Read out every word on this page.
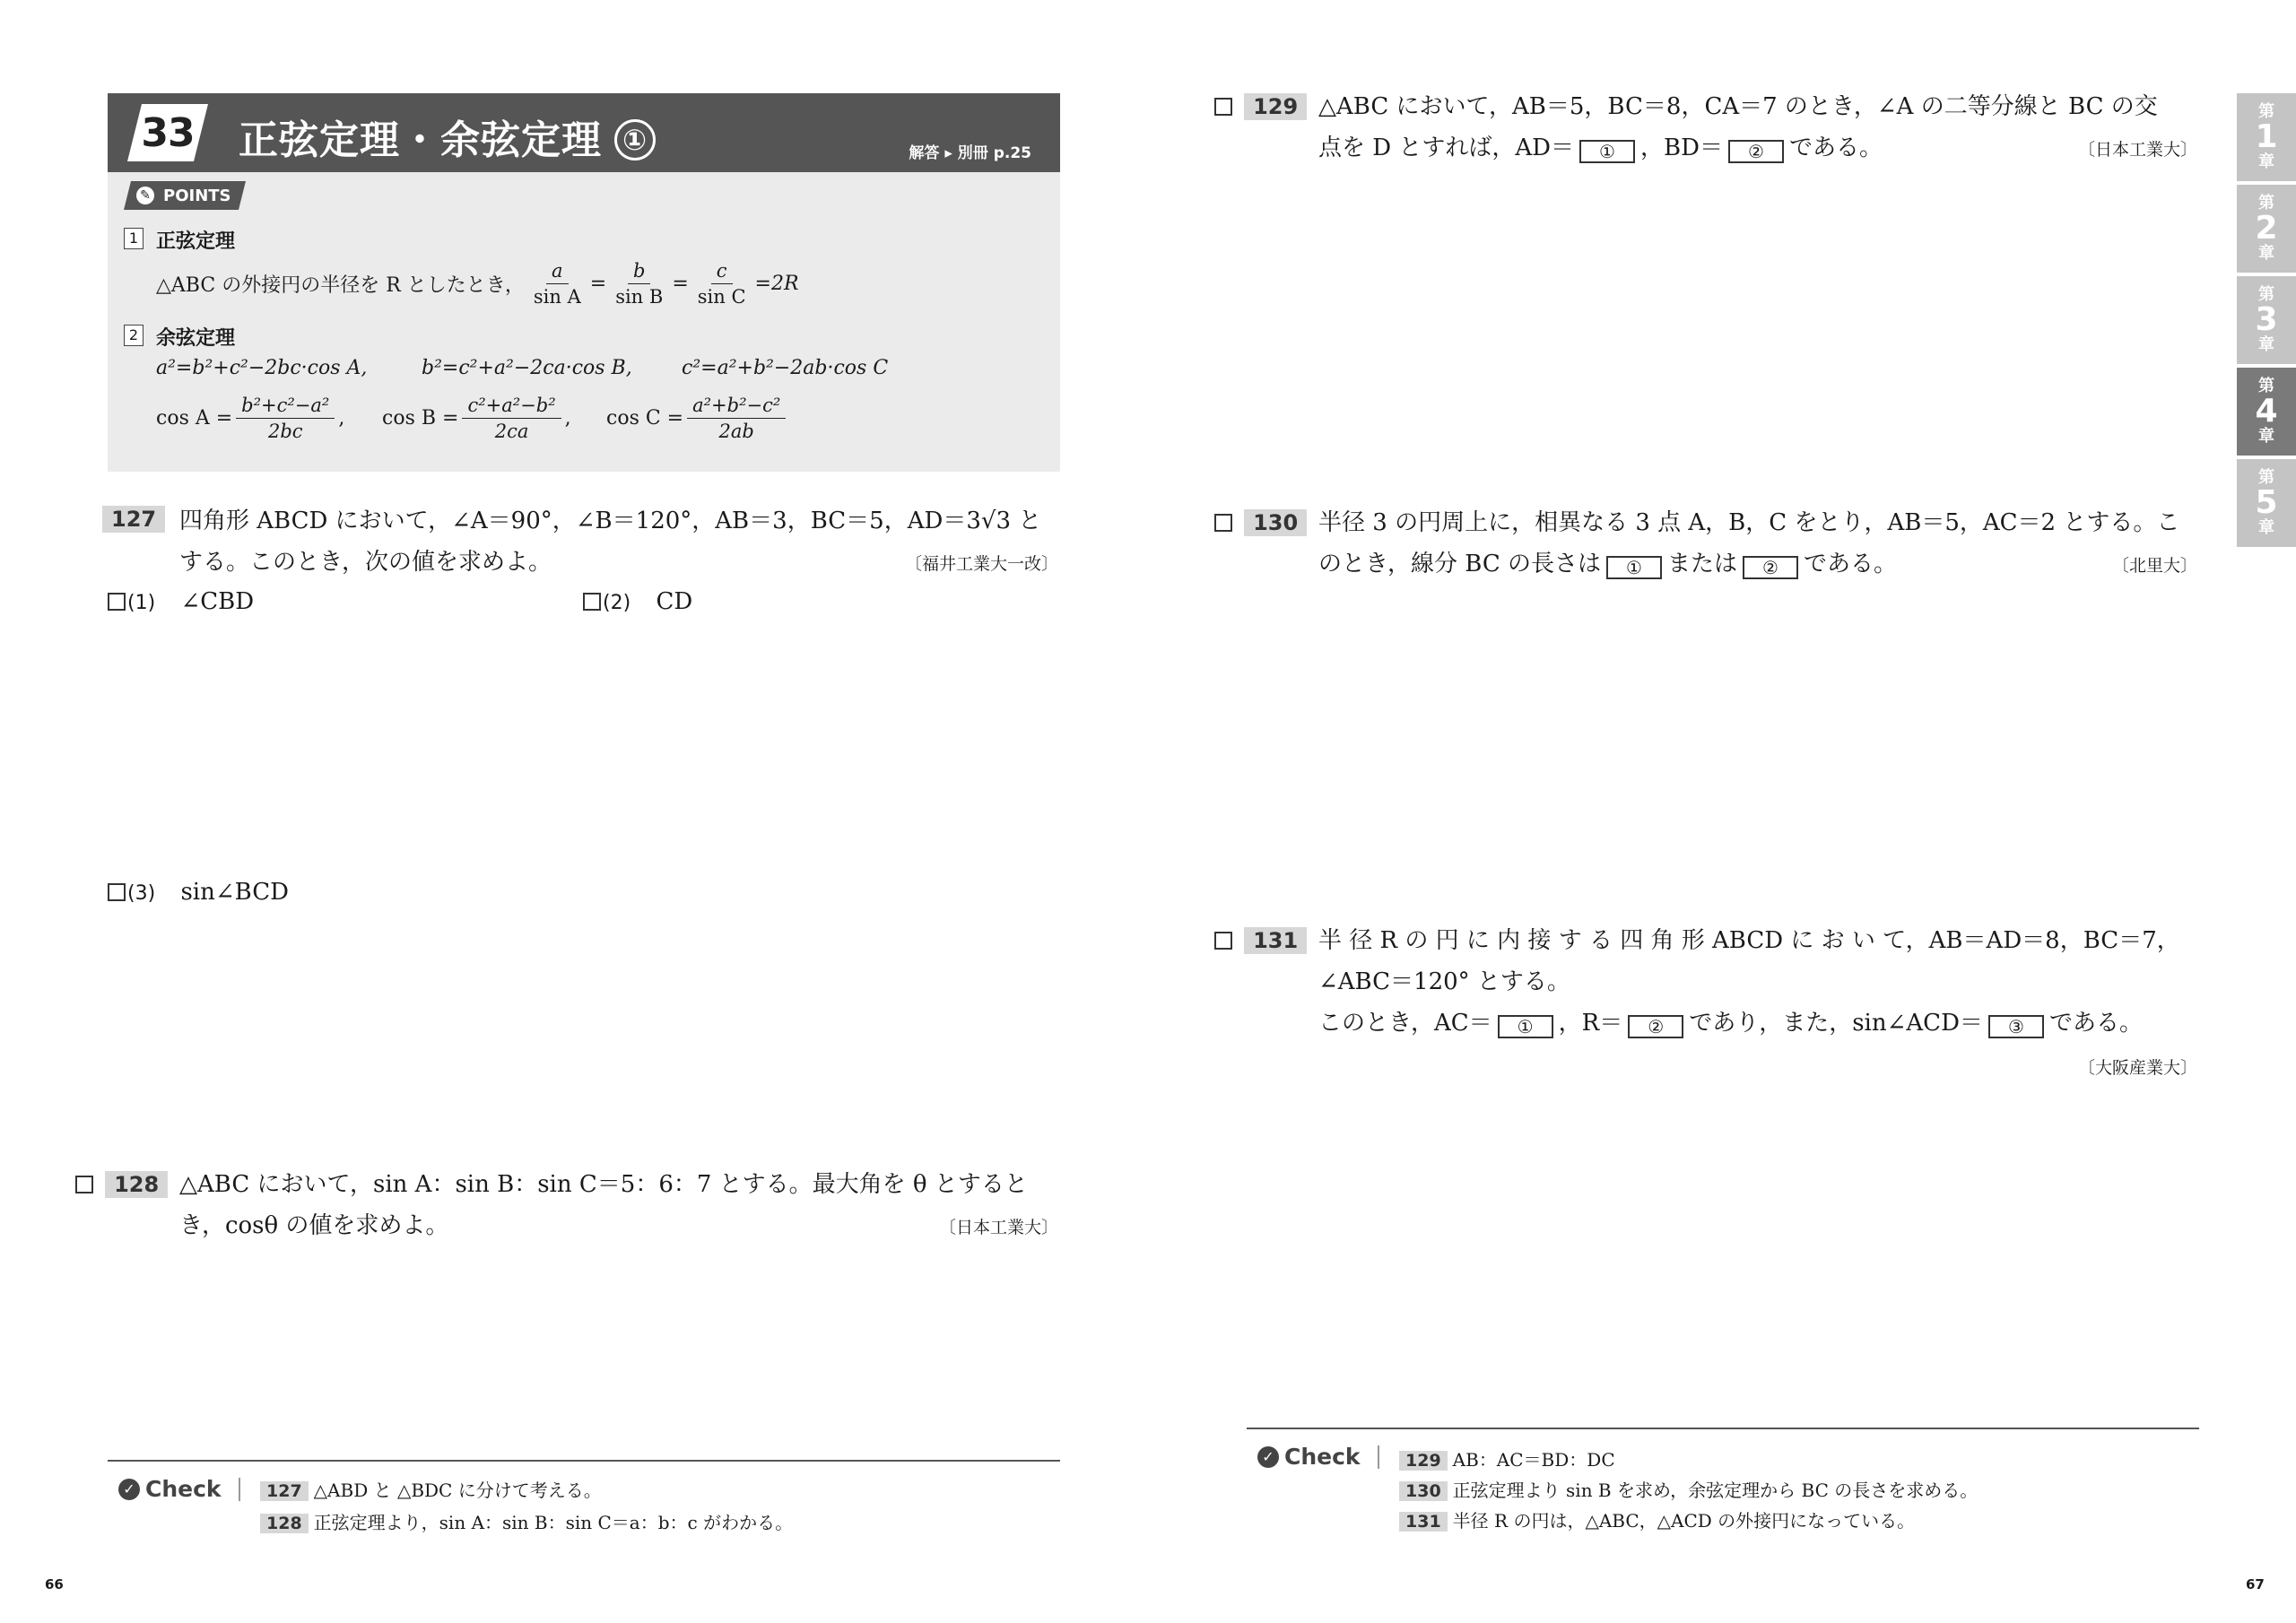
33	正弦定理・余弦定理 ①	解答 ▸ 別冊 p.25
✎ POINTS
1 正弦定理
△ABC の外接円の半径を R としたとき， $\frac{a}{\text{sin A}} = \frac{b}{\text{sin B}} = \frac{c}{\text{sin C}} =2R$
2 余弦定理
a²=b²+c²−2bc·cos A,	b²=c²+a²−2ca·cos B,	c²=a²+b²−2ab·cos C
$\cos A = \frac{\text{b²+c²−a²}}{2bc}$ , $\cos B = \frac{\text{c²+a²−b²}}{2ca}$ , $\cos C = \frac{\text{a²+b²−c²}}{2ab}$
127 四角形 ABCD において，∠A＝90°，∠B＝120°，AB＝3，BC＝5，AD＝3√3 と
する。このとき，次の値を求めよ。	〔福井工業大一改〕
(1) ∠CBD	(2) CD
(3) sin∠BCD
128 △ABC において，sin A：sin B：sin C＝5：6：7 とする。最大角を θ とすると
き，cosθ の値を求めよ。	〔日本工業大〕
✓ Check	127 △ABD と △BDC に分けて考える。
128 正弦定理より，sin A：sin B：sin C＝a：b：c がわかる。
66
129 △ABC において，AB＝5，BC＝8，CA＝7 のとき，∠A の二等分線と BC の交
点を D とすれば，AD＝ ① ，BD＝ ② である。	〔日本工業大〕
130 半径 3 の円周上に，相異なる 3 点 A，B，C をとり，AB＝5，AC＝2 とする。こ
のとき，線分 BC の長さは ① または ② である。	〔北里大〕
131 半 径 R の 円 に 内 接 す る 四 角 形 ABCD に お い て，AB＝AD＝8，BC＝7，
∠ABC＝120° とする。
このとき，AC＝ ① ，R＝ ② であり，また，sin∠ACD＝ ③ である。
〔大阪産業大〕
✓ Check	129 AB：AC＝BD：DC
130 正弦定理より sin B を求め，余弦定理から BC の長さを求める。
131 半径 R の円は，△ABC，△ACD の外接円になっている。
67
第
1
章
第
2
章
第
3
章
第
4
章
第
5
章
